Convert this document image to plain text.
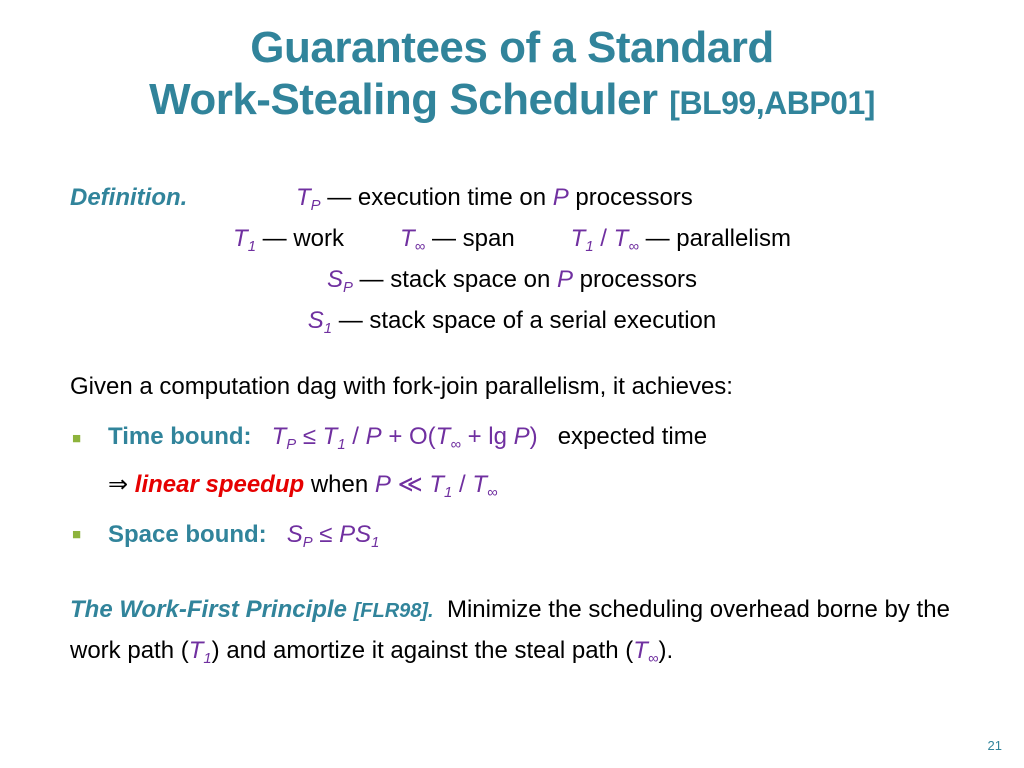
Guarantees of a Standard
Work-Stealing Scheduler [BL99,ABP01]
Definition.	$T_P$ — execution time on P processors
$T_1$ — work $T_\infty$ — span $T_1 / T_\infty$ — parallelism
$S_P$ — stack space on P processors
$S_1$ — stack space of a serial execution
Given a computation dag with fork-join parallelism, it achieves:
■ Time bound: $T_P \le T_1 / P + O(T_\infty + \lg P)$ expected time
⇒ linear speedup when P ≪ $T_1 / T_\infty$
■ Space bound: $S_P \le PS_1$
The Work-First Principle [FLR98]. Minimize the scheduling overhead borne by the work path $(T_1)$ and amortize it against the steal path $(T_\infty)$.
21
